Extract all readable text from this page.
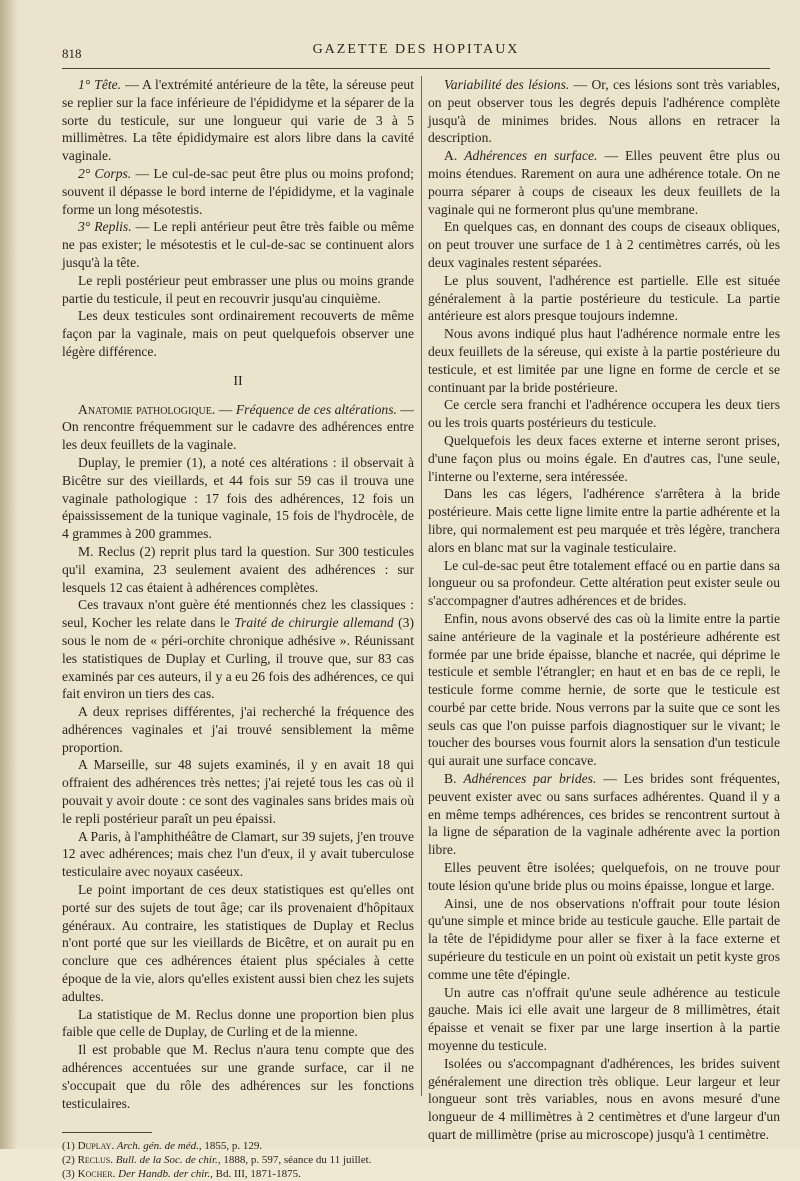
818	GAZETTE DES HOPITAUX

1° Tête. — A l'extrémité antérieure de la tête, la séreuse peut se replier sur la face inférieure de l'épididyme et la séparer de la sorte du testicule, sur une longueur qui varie de 3 à 5 millimètres. La tête épididymaire est alors libre dans la cavité vaginale.

2° Corps. — Le cul-de-sac peut être plus ou moins profond; souvent il dépasse le bord interne de l'épididyme, et la vaginale forme un long mésotestis.

3° Replis. — Le repli antérieur peut être très faible ou même ne pas exister; le mésotestis et le cul-de-sac se continuent alors jusqu'à la tête.

Le repli postérieur peut embrasser une plus ou moins grande partie du testicule, il peut en recouvrir jusqu'au cinquième.

Les deux testicules sont ordinairement recouverts de même façon par la vaginale, mais on peut quelquefois observer une légère différence.

II

Anatomie pathologique. — Fréquence de ces altérations. — On rencontre fréquemment sur le cadavre des adhérences entre les deux feuillets de la vaginale.

Duplay, le premier (1), a noté ces altérations : il observait à Bicêtre sur des vieillards, et 44 fois sur 59 cas il trouva une vaginale pathologique : 17 fois des adhérences, 12 fois un épaississement de la tunique vaginale, 15 fois de l'hydrocèle, de 4 grammes à 200 grammes.

M. Reclus (2) reprit plus tard la question. Sur 300 testicules qu'il examina, 23 seulement avaient des adhérences : sur lesquels 12 cas étaient à adhérences complètes.

Ces travaux n'ont guère été mentionnés chez les classiques : seul, Kocher les relate dans le Traité de chirurgie allemand (3) sous le nom de « péri-orchite chronique adhésive ». Réunissant les statistiques de Duplay et Curling, il trouve que, sur 83 cas examinés par ces auteurs, il y a eu 26 fois des adhérences, ce qui fait environ un tiers des cas.

A deux reprises différentes, j'ai recherché la fréquence des adhérences vaginales et j'ai trouvé sensiblement la même proportion.

A Marseille, sur 48 sujets examinés, il y en avait 18 qui offraient des adhérences très nettes; j'ai rejeté tous les cas où il pouvait y avoir doute : ce sont des vaginales sans brides mais où le repli postérieur paraît un peu épaissi.

A Paris, à l'amphithéâtre de Clamart, sur 39 sujets, j'en trouve 12 avec adhérences; mais chez l'un d'eux, il y avait tuberculose testiculaire avec noyaux caséeux.

Le point important de ces deux statistiques est qu'elles ont porté sur des sujets de tout âge; car ils provenaient d'hôpitaux généraux. Au contraire, les statistiques de Duplay et Reclus n'ont porté que sur les vieillards de Bicêtre, et on aurait pu en conclure que ces adhérences étaient plus spéciales à cette époque de la vie, alors qu'elles existent aussi bien chez les sujets adultes.

La statistique de M. Reclus donne une proportion bien plus faible que celle de Duplay, de Curling et de la mienne.

Il est probable que M. Reclus n'aura tenu compte que des adhérences accentuées sur une grande surface, car il ne s'occupait que du rôle des adhérences sur les fonctions testiculaires.

(1) Duplay. Arch. gén. de méd., 1855, p. 129.

(2) Reclus. Bull. de la Soc. de chir., 1888, p. 597, séance du 11 juillet.

(3) Kocher. Der Handb. der chir., Bd. III, 1871-1875.

Variabilité des lésions. — Or, ces lésions sont très variables, on peut observer tous les degrés depuis l'adhérence complète jusqu'à de minimes brides. Nous allons en retracer la description.

A. Adhérences en surface. — Elles peuvent être plus ou moins étendues. Rarement on aura une adhérence totale. On ne pourra séparer à coups de ciseaux les deux feuillets de la vaginale qui ne formeront plus qu'une membrane.

En quelques cas, en donnant des coups de ciseaux obliques, on peut trouver une surface de 1 à 2 centimètres carrés, où les deux vaginales restent séparées.

Le plus souvent, l'adhérence est partielle. Elle est située généralement à la partie postérieure du testicule. La partie antérieure est alors presque toujours indemne.

Nous avons indiqué plus haut l'adhérence normale entre les deux feuillets de la séreuse, qui existe à la partie postérieure du testicule, et est limitée par une ligne en forme de cercle et se continuant par la bride postérieure.

Ce cercle sera franchi et l'adhérence occupera les deux tiers ou les trois quarts postérieurs du testicule.

Quelquefois les deux faces externe et interne seront prises, d'une façon plus ou moins égale. En d'autres cas, l'une seule, l'interne ou l'externe, sera intéressée.

Dans les cas légers, l'adhérence s'arrêtera à la bride postérieure. Mais cette ligne limite entre la partie adhérente et la libre, qui normalement est peu marquée et très légère, tranchera alors en blanc mat sur la vaginale testiculaire.

Le cul-de-sac peut être totalement effacé ou en partie dans sa longueur ou sa profondeur. Cette altération peut exister seule ou s'accompagner d'autres adhérences et de brides.

Enfin, nous avons observé des cas où la limite entre la partie saine antérieure de la vaginale et la postérieure adhérente est formée par une bride épaisse, blanche et nacrée, qui déprime le testicule et semble l'étrangler; en haut et en bas de ce repli, le testicule forme comme hernie, de sorte que le testicule est courbé par cette bride. Nous verrons par la suite que ce sont les seuls cas que l'on puisse parfois diagnostiquer sur le vivant; le toucher des bourses vous fournit alors la sensation d'un testicule qui aurait une surface concave.

B. Adhérences par brides. — Les brides sont fréquentes, peuvent exister avec ou sans surfaces adhérentes. Quand il y a en même temps adhérences, ces brides se rencontrent surtout à la ligne de séparation de la vaginale adhérente avec la portion libre.

Elles peuvent être isolées; quelquefois, on ne trouve pour toute lésion qu'une bride plus ou moins épaisse, longue et large.

Ainsi, une de nos observations n'offrait pour toute lésion qu'une simple et mince bride au testicule gauche. Elle partait de la tête de l'épididyme pour aller se fixer à la face externe et supérieure du testicule en un point où existait un petit kyste gros comme une tête d'épingle.

Un autre cas n'offrait qu'une seule adhérence au testicule gauche. Mais ici elle avait une largeur de 8 millimètres, était épaisse et venait se fixer par une large insertion à la partie moyenne du testicule.

Isolées ou s'accompagnant d'adhérences, les brides suivent généralement une direction très oblique. Leur largeur et leur longueur sont très variables, nous en avons mesuré d'une longueur de 4 millimètres à 2 centimètres et d'une largeur d'un quart de millimètre (prise au microscope) jusqu'à 1 centimètre.
